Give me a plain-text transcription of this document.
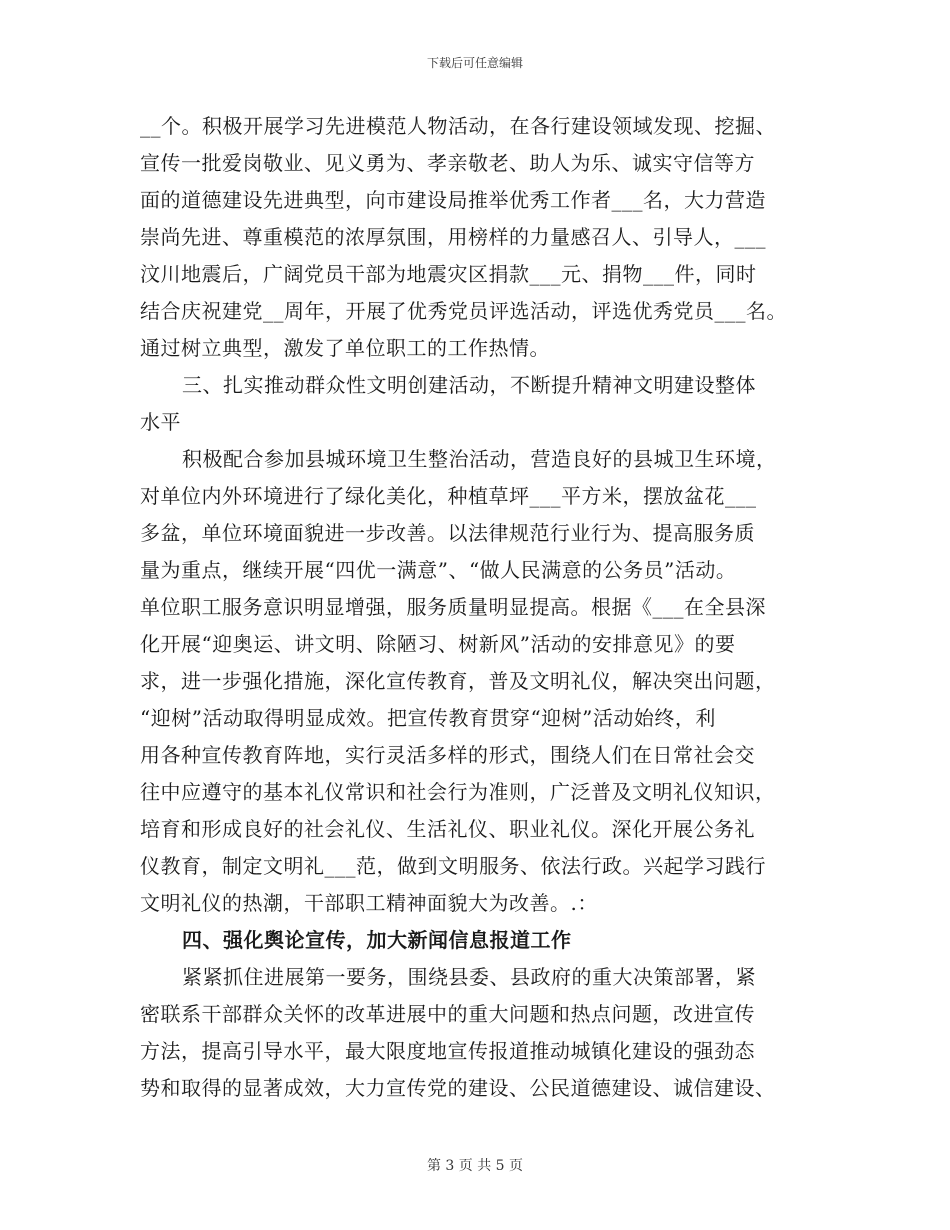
下载后可任意编辑
__个。积极开展学习先进模范人物活动，在各行建设领域发现、挖掘、
宣传一批爱岗敬业、见义勇为、孝亲敬老、助人为乐、诚实守信等方
面的道德建设先进典型，向市建设局推举优秀工作者___名，大力营造
崇尚先进、尊重模范的浓厚氛围，用榜样的力量感召人、引导人，___
汶川地震后，广阔党员干部为地震灾区捐款___元、捐物___件，同时
结合庆祝建党__周年，开展了优秀党员评选活动，评选优秀党员___名。
通过树立典型，激发了单位职工的工作热情。
三、扎实推动群众性文明创建活动，不断提升精神文明建设整体
水平
积极配合参加县城环境卫生整治活动，营造良好的县城卫生环境，
对单位内外环境进行了绿化美化，种植草坪___平方米，摆放盆花___
多盆，单位环境面貌进一步改善。以法律规范行业行为、提高服务质
量为重点，继续开展“四优一满意”、“做人民满意的公务员”活动。
单位职工服务意识明显增强，服务质量明显提高。根据《___在全县深
化开展“迎奥运、讲文明、除陋习、树新风”活动的安排意见》的要
求，进一步强化措施，深化宣传教育，普及文明礼仪，解决突出问题，
“迎树”活动取得明显成效。把宣传教育贯穿“迎树”活动始终，利
用各种宣传教育阵地，实行灵活多样的形式，围绕人们在日常社会交
往中应遵守的基本礼仪常识和社会行为准则，广泛普及文明礼仪知识，
培育和形成良好的社会礼仪、生活礼仪、职业礼仪。深化开展公务礼
仪教育，制定文明礼___范，做到文明服务、依法行政。兴起学习践行
文明礼仪的热潮，干部职工精神面貌大为改善。.：
四、强化舆论宣传，加大新闻信息报道工作
紧紧抓住进展第一要务，围绕县委、县政府的重大决策部署，紧
密联系干部群众关怀的改革进展中的重大问题和热点问题，改进宣传
方法，提高引导水平，最大限度地宣传报道推动城镇化建设的强劲态
势和取得的显著成效，大力宣传党的建设、公民道德建设、诚信建设、
第 3 页 共 5 页
